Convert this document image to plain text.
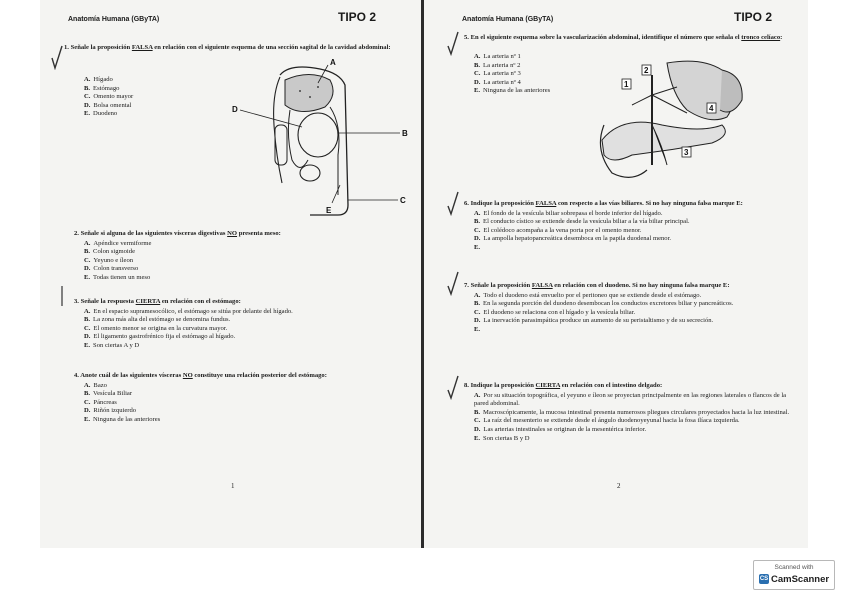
Anatomía Humana (GByTA)	TIPO 2
1. Señale la proposición FALSA en relación con el siguiente esquema de una sección sagital de la cavidad abdominal:
A. Hígado
B. Estómago
C. Omento mayor
D. Bolsa omental
E. Duodeno
A
B
C
D
E
2. Señale si alguna de las siguientes vísceras digestivas NO presenta meso:
A. Apéndice vermiforme
B. Colon sigmoide
C. Yeyuno e íleon
D. Colon transverso
E. Todas tienen un meso
3. Señale la respuesta CIERTA en relación con el estómago:
A. En el espacio supramesocólico, el estómago se sitúa por delante del hígado.
B. La zona más alta del estómago se denomina fundus.
C. El omento menor se origina en la curvatura mayor.
D. El ligamento gastrofrénico fija el estómago al hígado.
E. Son ciertas A y D
4. Anote cuál de las siguientes vísceras NO constituye una relación posterior del estómago:
A. Bazo
B. Vesícula Biliar
C. Páncreas
D. Riñón izquierdo
E. Ninguna de las anteriores
1
Anatomía Humana (GByTA)	TIPO 2
5. En el siguiente esquema sobre la vascularización abdominal, identifique el número que señala el tronco celíaco:
A. La arteria nº 1
B. La arteria nº 2
C. La arteria nº 3
D. La arteria nº 4
E. Ninguna de las anteriores
1
2
3
4
6. Indique la proposición FALSA con respecto a las vías biliares. Si no hay ninguna falsa marque E:
A. El fondo de la vesícula biliar sobrepasa el borde inferior del hígado.
B. El conducto cístico se extiende desde la vesícula biliar a la vía biliar principal.
C. El colédoco acompaña a la vena porta por el omento menor.
D. La ampolla hepatopancreática desemboca en la papila duodenal menor.
E.
7. Señale la proposición FALSA en relación con el duodeno. Si no hay ninguna falsa marque E:
A. Todo el duodeno está envuelto por el peritoneo que se extiende desde el estómago.
B. En la segunda porción del duodeno desembocan los conductos excretores biliar y pancreáticos.
C. El duodeno se relaciona con el hígado y la vesícula biliar.
D. La inervación parasimpática produce un aumento de su peristaltismo y de su secreción.
E.
8. Indique la proposición CIERTA en relación con el intestino delgado:
A. Por su situación topográfica, el yeyuno e íleon se proyectan principalmente en las regiones laterales o flancos de la pared abdominal.
B. Macroscópicamente, la mucosa intestinal presenta numerosos pliegues circulares proyectados hacia la luz intestinal.
C. La raíz del mesenterio se extiende desde el ángulo duodenoyeyunal hacia la fosa ilíaca izquierda.
D. Las arterias intestinales se originan de la mesentérica inferior.
E. Son ciertas B y D
2
Scanned with
CS CamScanner
